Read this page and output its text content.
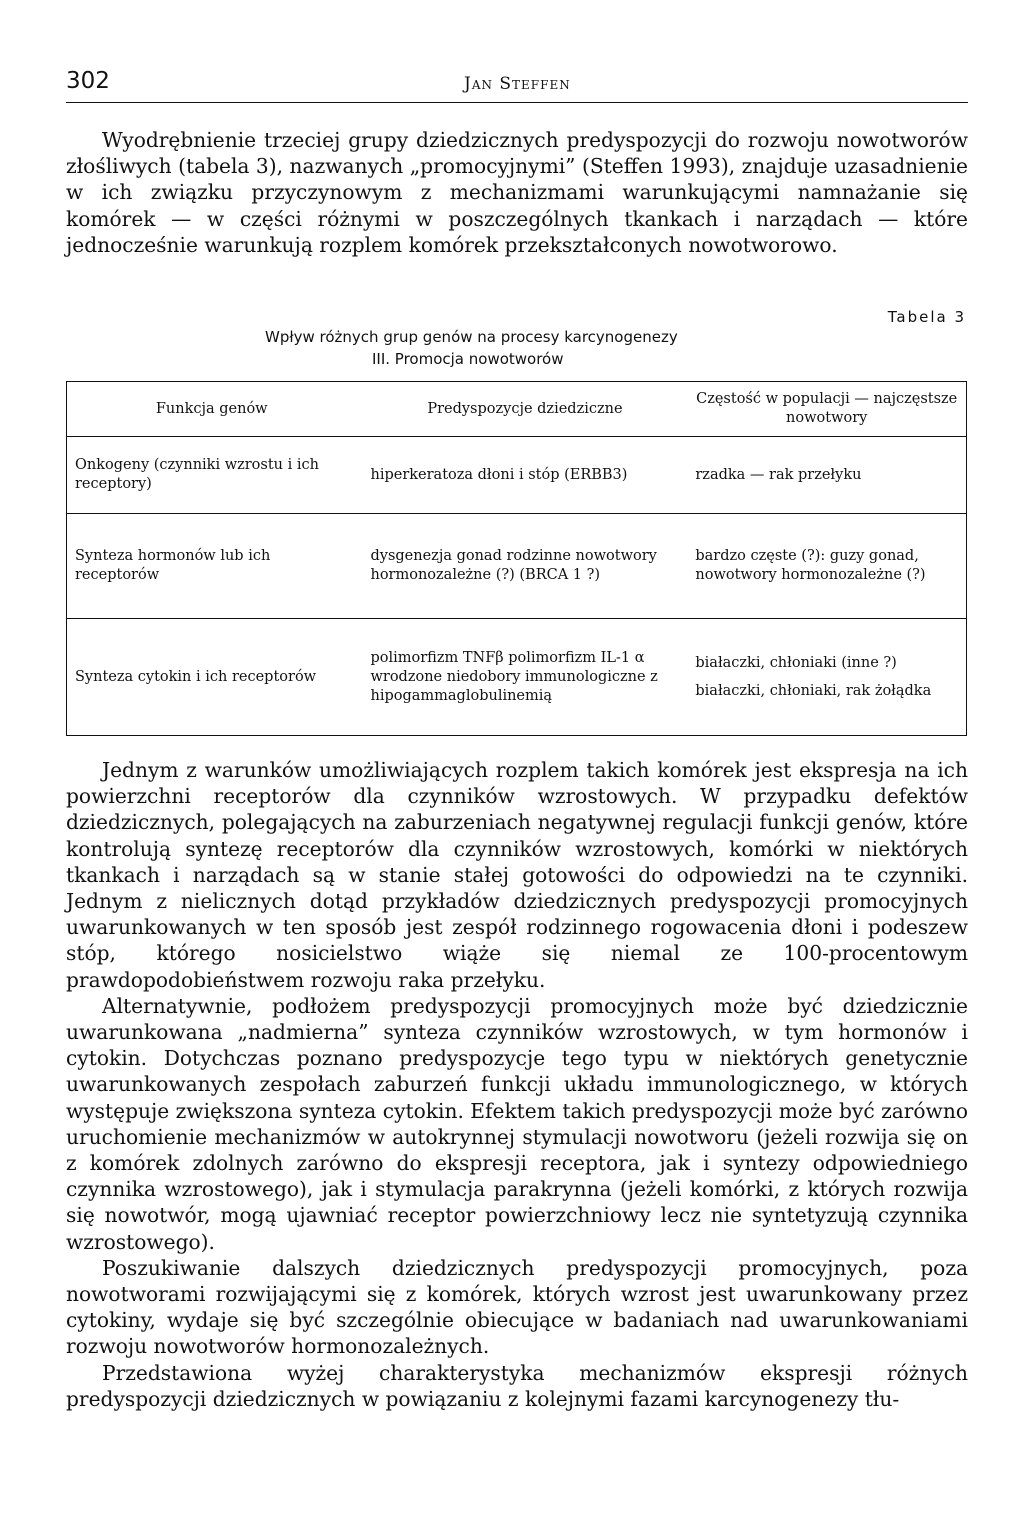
302	Jan Steffen

Wyodrębnienie trzeciej grupy dziedzicznych predyspozycji do rozwoju nowotworów złośliwych (tabela 3), nazwanych „promocyjnymi” (Steffen 1993), znajduje uzasadnienie w ich związku przyczynowym z mechanizmami warunkującymi namnażanie się komórek — w części różnymi w poszczególnych tkankach i narządach — które jednocześnie warunkują rozplem komórek przekształconych nowotworowo.

Tabela 3
Wpływ różnych grup genów na procesy karcynogenezy
III. Promocja nowotworów
Funkcja genów	Predyspozycje dziedziczne	Częstość w populacji — najczęstsze nowotwory
Onkogeny (czynniki wzrostu i ich receptory)	hiperkeratoza dłoni i stóp (ERBB3)	rzadka — rak przełyku
Synteza hormonów lub ich receptorów	dysgenezja gonad rodzinne nowotwory hormonozależne (?) (BRCA 1 ?)	bardzo częste (?): guzy gonad, nowotwory hormonozależne (?)
Synteza cytokin i ich receptorów	polimorfizm TNFβ polimorfizm IL-1 α wrodzone niedobory immunologiczne z hipogammaglobulinemią	białaczki, chłoniaki (inne ?)
białaczki, chłoniaki, rak żołądka

Jednym z warunków umożliwiających rozplem takich komórek jest ekspresja na ich powierzchni receptorów dla czynników wzrostowych. W przypadku defektów dziedzicznych, polegających na zaburzeniach negatywnej regulacji funkcji genów, które kontrolują syntezę receptorów dla czynników wzrostowych, komórki w niektórych tkankach i narządach są w stanie stałej gotowości do odpowiedzi na te czynniki. Jednym z nielicznych dotąd przykładów dziedzicznych predyspozycji promocyjnych uwarunkowanych w ten sposób jest zespół rodzinnego rogowacenia dłoni i podeszew stóp, którego nosicielstwo wiąże się niemal ze 100-procentowym prawdopodobieństwem rozwoju raka przełyku.

Alternatywnie, podłożem predyspozycji promocyjnych może być dziedzicznie uwarunkowana „nadmierna” synteza czynników wzrostowych, w tym hormonów i cytokin. Dotychczas poznano predyspozycje tego typu w niektórych genetycznie uwarunkowanych zespołach zaburzeń funkcji układu immunologicznego, w których występuje zwiększona synteza cytokin. Efektem takich predyspozycji może być zarówno uruchomienie mechanizmów w autokrynnej stymulacji nowotworu (jeżeli rozwija się on z komórek zdolnych zarówno do ekspresji receptora, jak i syntezy odpowiedniego czynnika wzrostowego), jak i stymulacja parakrynna (jeżeli komórki, z których rozwija się nowotwór, mogą ujawniać receptor powierzchniowy lecz nie syntetyzują czynnika wzrostowego).

Poszukiwanie dalszych dziedzicznych predyspozycji promocyjnych, poza nowotworami rozwijającymi się z komórek, których wzrost jest uwarunkowany przez cytokiny, wydaje się być szczególnie obiecujące w badaniach nad uwarunkowaniami rozwoju nowotworów hormonozależnych.

Przedstawiona wyżej charakterystyka mechanizmów ekspresji różnych predyspozycji dziedzicznych w powiązaniu z kolejnymi fazami karcynogenezy tłu-
